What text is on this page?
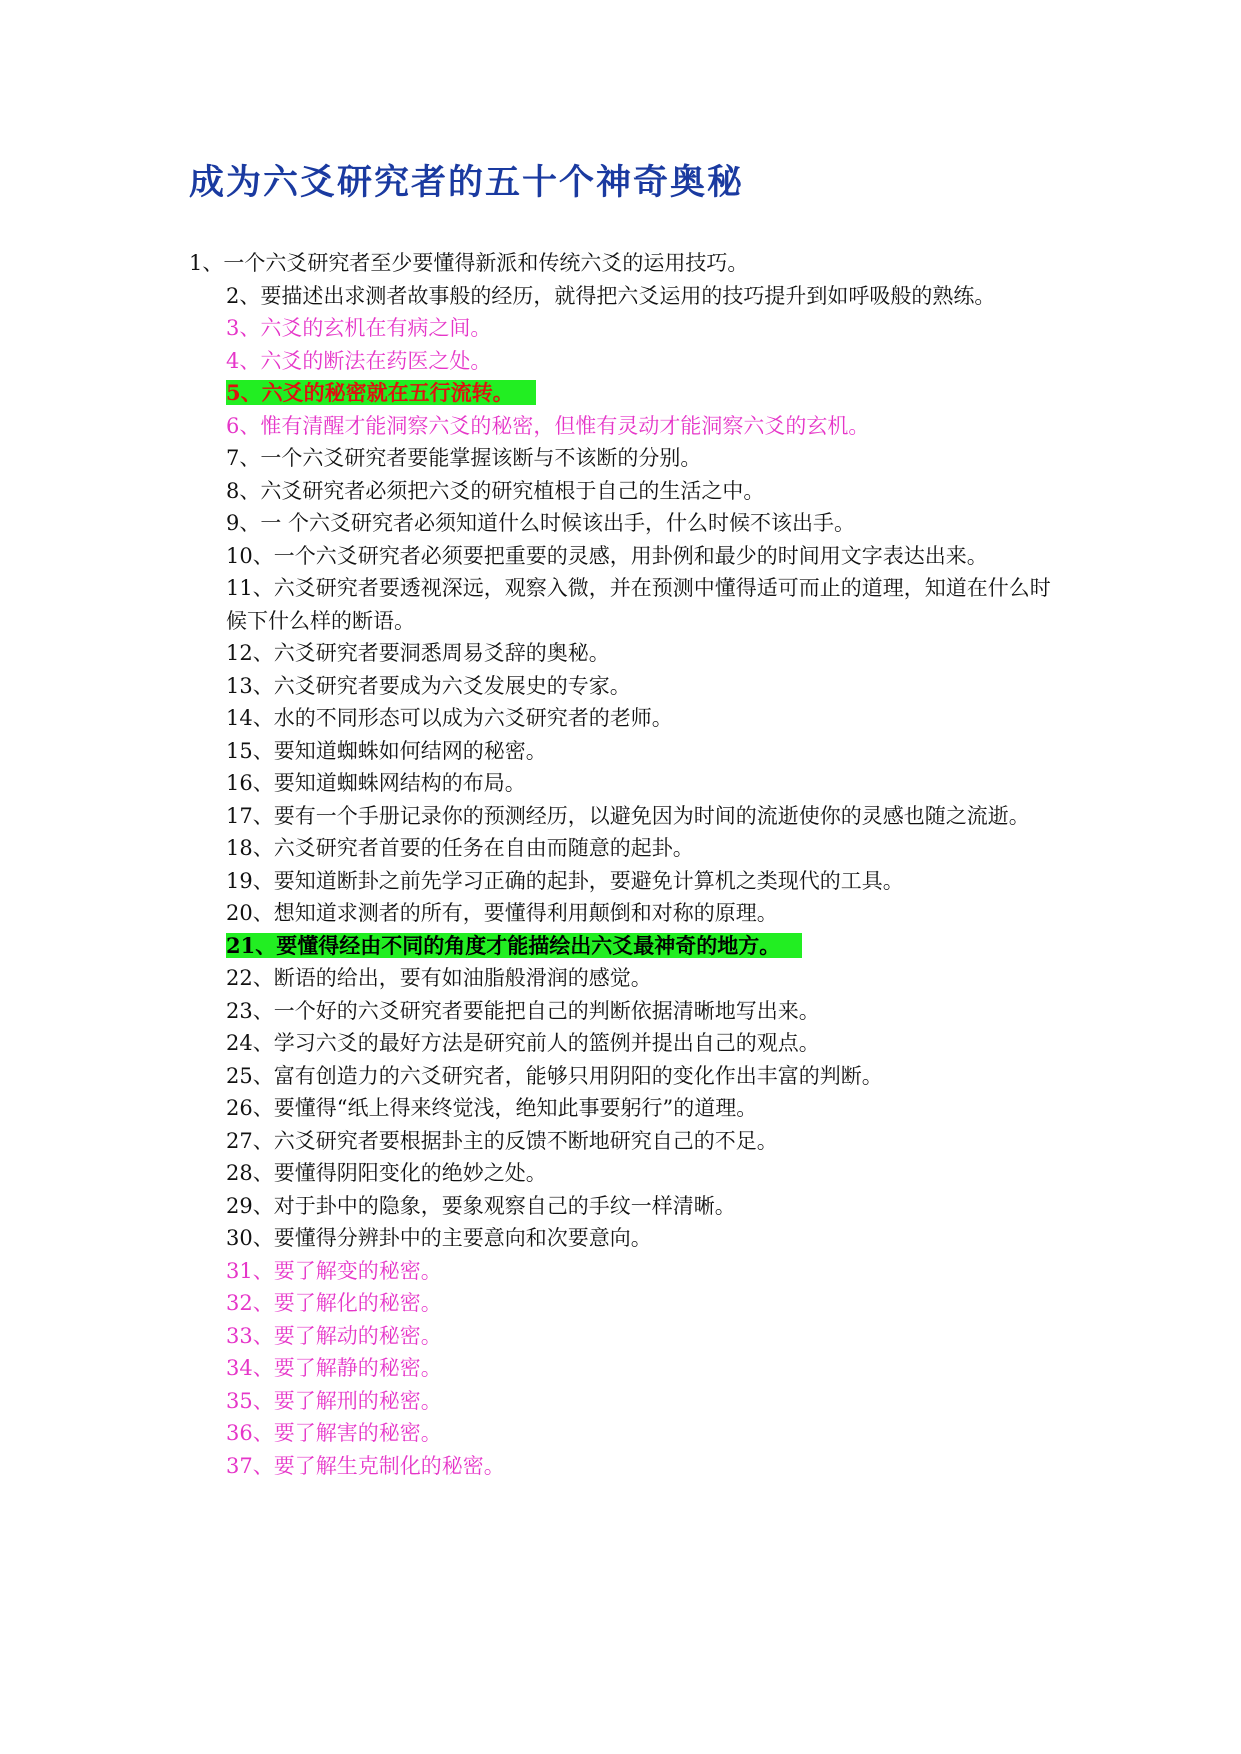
成为六爻研究者的五十个神奇奥秘
1、一个六爻研究者至少要懂得新派和传统六爻的运用技巧。
2、要描述出求测者故事般的经历，就得把六爻运用的技巧提升到如呼吸般的熟练。
3、六爻的玄机在有病之间。
4、六爻的断法在药医之处。
5、六爻的秘密就在五行流转。
6、惟有清醒才能洞察六爻的秘密，但惟有灵动才能洞察六爻的玄机。
7、一个六爻研究者要能掌握该断与不该断的分别。
8、六爻研究者必须把六爻的研究植根于自己的生活之中。
9、一 个六爻研究者必须知道什么时候该出手，什么时候不该出手。
10、一个六爻研究者必须要把重要的灵感，用卦例和最少的时间用文字表达出来。
11、六爻研究者要透视深远，观察入微，并在预测中懂得适可而止的道理，知道在什么时候下什么样的断语。
12、六爻研究者要洞悉周易爻辞的奥秘。
13、六爻研究者要成为六爻发展史的专家。
14、水的不同形态可以成为六爻研究者的老师。
15、要知道蜘蛛如何结网的秘密。
16、要知道蜘蛛网结构的布局。
17、要有一个手册记录你的预测经历，以避免因为时间的流逝使你的灵感也随之流逝。
18、六爻研究者首要的任务在自由而随意的起卦。
19、要知道断卦之前先学习正确的起卦，要避免计算机之类现代的工具。
20、想知道求测者的所有，要懂得利用颠倒和对称的原理。
21、要懂得经由不同的角度才能描绘出六爻最神奇的地方。
22、断语的给出，要有如油脂般滑润的感觉。
23、一个好的六爻研究者要能把自己的判断依据清晰地写出来。
24、学习六爻的最好方法是研究前人的篮例并提出自己的观点。
25、富有创造力的六爻研究者，能够只用阴阳的变化作出丰富的判断。
26、要懂得“纸上得来终觉浅，绝知此事要躬行”的道理。
27、六爻研究者要根据卦主的反馈不断地研究自己的不足。
28、要懂得阴阳变化的绝妙之处。
29、对于卦中的隐象，要象观察自己的手纹一样清晰。
30、要懂得分辨卦中的主要意向和次要意向。
31、要了解变的秘密。
32、要了解化的秘密。
33、要了解动的秘密。
34、要了解静的秘密。
35、要了解刑的秘密。
36、要了解害的秘密。
37、要了解生克制化的秘密。
